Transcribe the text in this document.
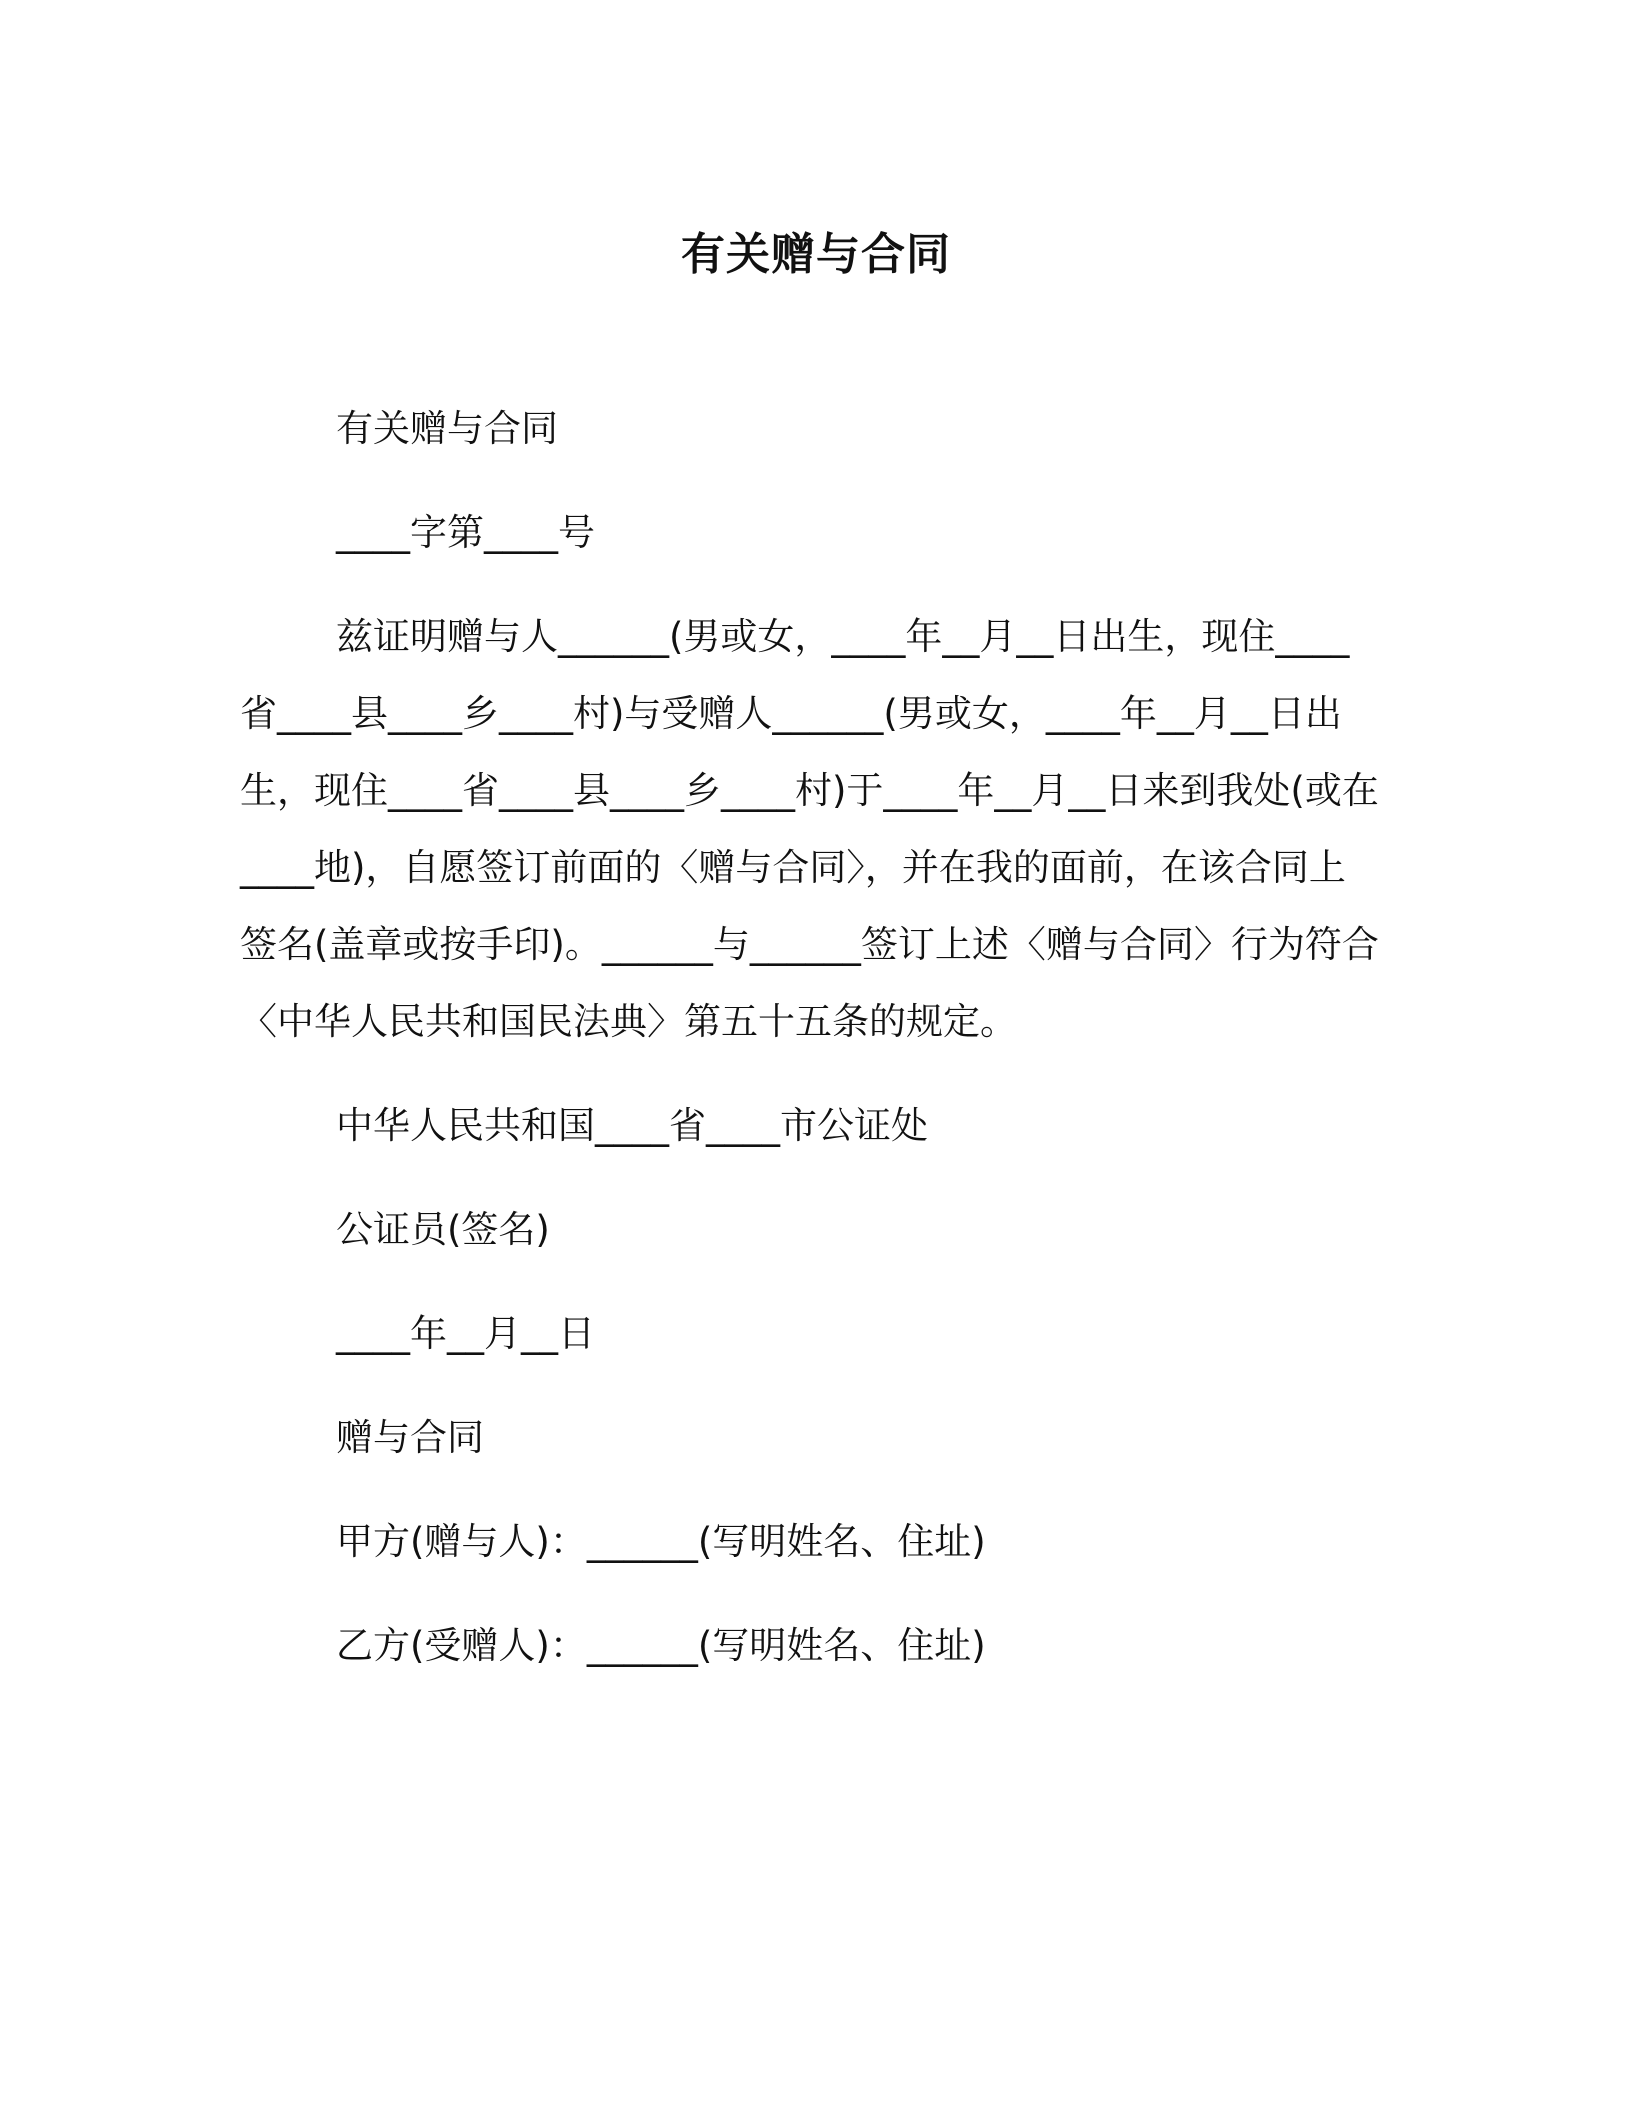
有关赠与合同

有关赠与合同

____字第____号

兹证明赠与人______(男或女，____年__月__日出生，现住____省____县____乡____村)与受赠人______(男或女，____年__月__日出生，现住____省____县____乡____村)于____年__月__日来到我处(或在____地)，自愿签订前面的〈赠与合同〉，并在我的面前，在该合同上签名(盖章或按手印)。______与______签订上述〈赠与合同〉行为符合〈中华人民共和国民法典〉第五十五条的规定。

中华人民共和国____省____市公证处

公证员(签名)

____年__月__日

赠与合同

甲方(赠与人)：______(写明姓名、住址)

乙方(受赠人)：______(写明姓名、住址)
